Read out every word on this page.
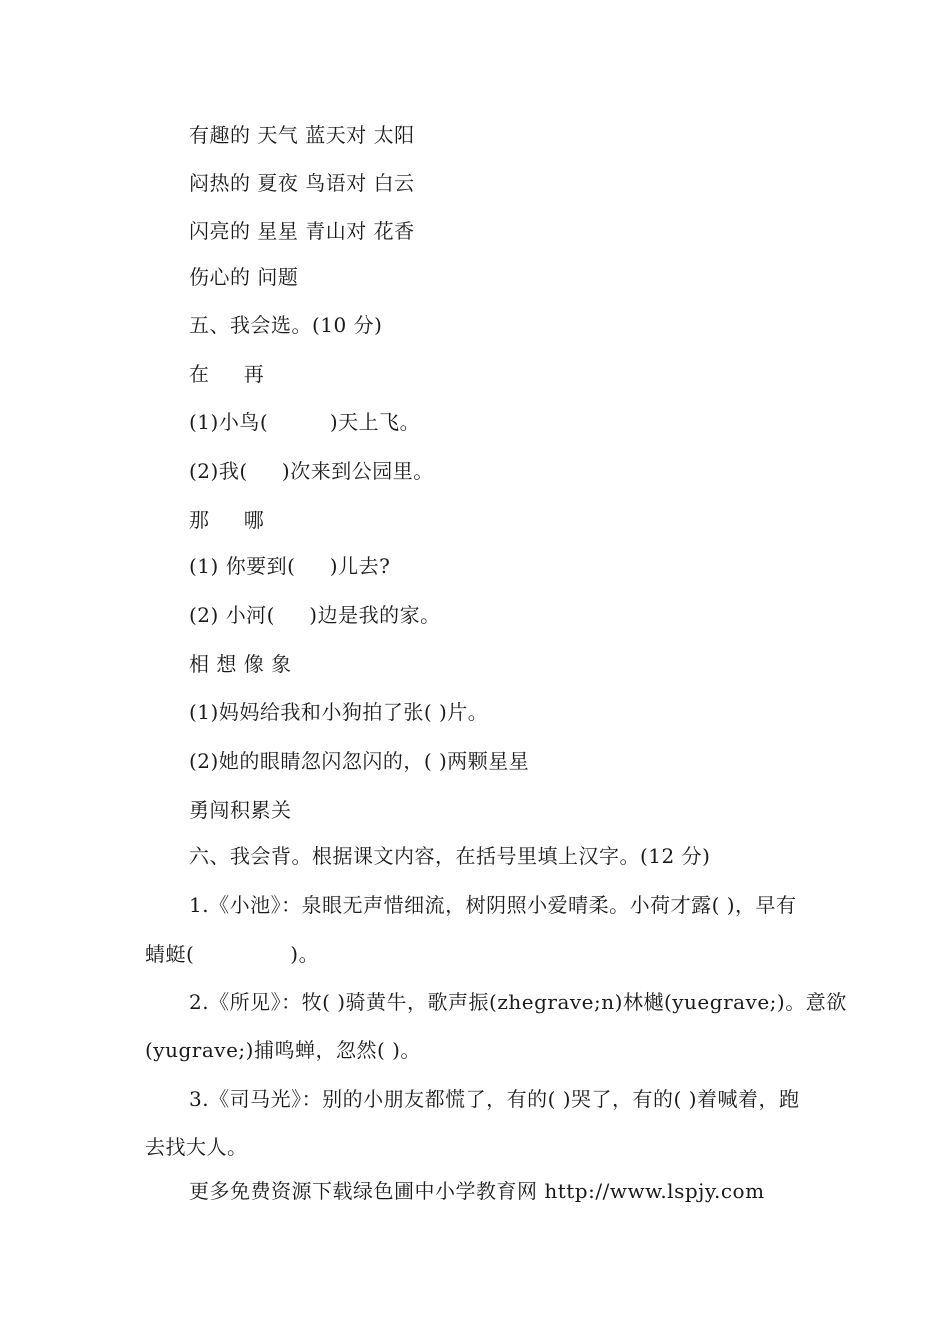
有趣的 天气 蓝天对 太阳
闷热的 夏夜 鸟语对 白云
闪亮的 星星 青山对 花香
伤心的 问题
五、我会选。(10 分)
在     再
(1)小鸟(         )天上飞。
(2)我(     )次来到公园里。
那     哪
(1) 你要到(     )儿去?
(2) 小河(     )边是我的家。
相 想 像 象
(1)妈妈给我和小狗拍了张( )片。
(2)她的眼睛忽闪忽闪的，( )两颗星星
勇闯积累关
六、我会背。根据课文内容，在括号里填上汉字。(12 分)
1.《小池》：泉眼无声惜细流，树阴照小爱晴柔。小荷才露( )，早有
蜻蜓(              )。
2.《所见》：牧( )骑黄牛，歌声振(zhegrave;n)林樾(yuegrave;)。意欲
(yugrave;)捕鸣蝉，忽然( )。
3.《司马光》：别的小朋友都慌了，有的( )哭了，有的( )着喊着，跑
去找大人。
更多免费资源下载绿色圃中小学教育网 http://www.lspjy.com
